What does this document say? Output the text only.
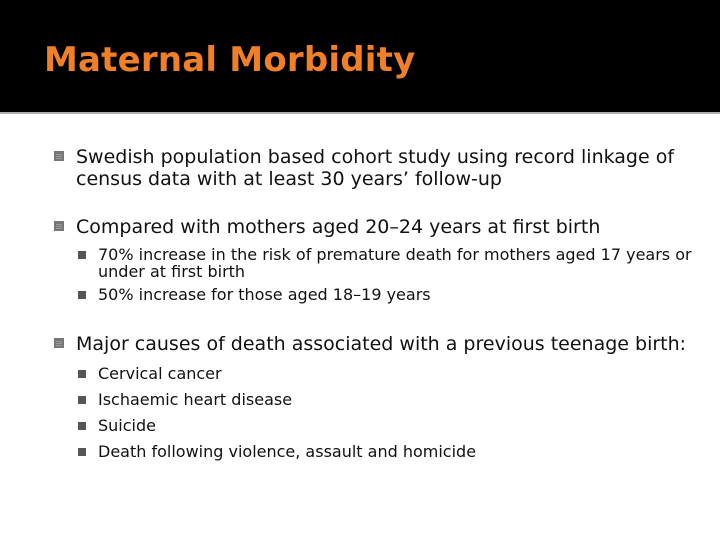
Maternal Morbidity
Swedish population based cohort study using record linkage of census data with at least 30 years’ follow-up
Compared with mothers aged 20–24 years at first birth
70% increase in the risk of premature death for mothers aged 17 years or under at first birth
50% increase for those aged 18–19 years
Major causes of death associated with a previous teenage birth:
Cervical cancer
Ischaemic heart disease
Suicide
Death following violence, assault and homicide
